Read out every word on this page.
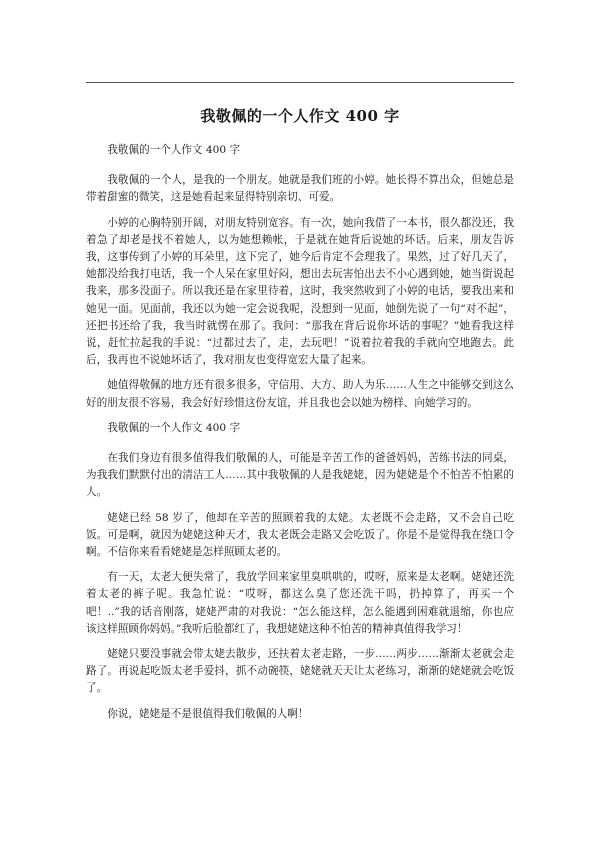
我敬佩的一个人作文 400 字

我敬佩的一个人作文 400 字

我敬佩的一个人，是我的一个朋友。她就是我们班的小婷。她长得不算出众，但她总是带着甜蜜的微笑，这是她看起来显得特别亲切、可爱。

小婷的心胸特别开阔，对朋友特别宽容。有一次，她向我借了一本书，很久都没还，我着急了却老是找不着她人，以为她想赖帐，于是就在她背后说她的坏话。后来，朋友告诉我，这事传到了小婷的耳朵里，这下完了，她今后肯定不会理我了。果然，过了好几天了，她都没给我打电话，我一个人呆在家里好闷，想出去玩害怕出去不小心遇到她，她当街说起我来，那多没面子。所以我还是在家里待着，这时，我突然收到了小婷的电话，要我出来和她见一面。见面前，我还以为她一定会说我呢，没想到一见面，她倒先说了一句“对不起”，还把书还给了我，我当时就愣在那了。我问：“那我在背后说你坏话的事呢？”她看我这样说，赶忙拉起我的手说：“过都过去了，走，去玩吧！”说着拉着我的手就向空地跑去。此后，我再也不说她坏话了，我对朋友也变得宽宏大量了起来。

她值得敬佩的地方还有很多很多，守信用、大方、助人为乐……人生之中能够交到这么好的朋友很不容易，我会好好珍惜这份友谊，并且我也会以她为榜样、向她学习的。

我敬佩的一个人作文 400 字

在我们身边有很多值得我们敬佩的人，可能是辛苦工作的爸爸妈妈，苦练书法的同桌，为我我们默默付出的清洁工人……其中我敬佩的人是我姥姥，因为姥姥是个不怕苦不怕累的人。

姥姥已经 58 岁了，他却在辛苦的照顾着我的太姥。太老既不会走路，又不会自己吃饭。可是啊，就因为姥姥这种天才，我太老既会走路又会吃饭了。你是不是觉得我在绕口令啊。不信你来看看姥姥是怎样照顾太老的。

有一天，太老大便失常了，我放学回来家里臭哄哄的，哎呀，原来是太老啊。姥姥还洗着太老的裤子呢。我急忙说：“哎呀，都这么臭了您还洗干吗，扔掉算了，再买一个吧！..”我的话音刚落，姥姥严肃的对我说：“怎么能这样，怎么能遇到困难就退缩，你也应该这样照顾你妈妈。”我听后脸都红了，我想姥姥这种不怕苦的精神真值得我学习！

姥姥只要没事就会带太姥去散步，还扶着太老走路，一步……两步……渐渐太老就会走路了。再说起吃饭太老手爱抖，抓不动碗筷，姥姥就天天让太老练习，渐渐的姥姥就会吃饭了。

你说，姥姥是不是很值得我们敬佩的人啊！
